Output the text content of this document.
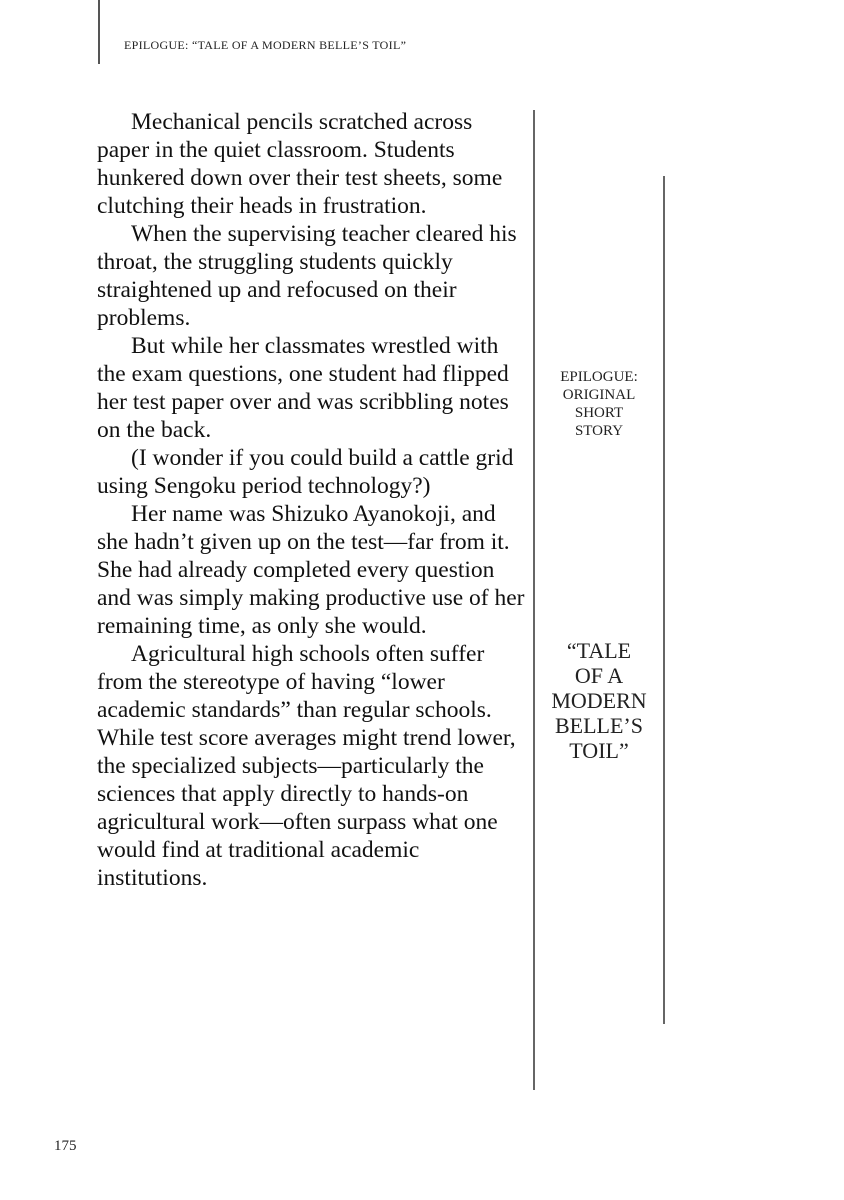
EPILOGUE: “TALE OF A MODERN BELLE’S TOIL”

Mechanical pencils scratched across paper in the quiet classroom. Students hunkered down over their test sheets, some clutching their heads in frustration.

When the supervising teacher cleared his throat, the struggling students quickly straightened up and refocused on their problems.

But while her classmates wrestled with the exam questions, one student had flipped her test paper over and was scribbling notes on the back.

(I wonder if you could build a cattle grid using Sengoku period technology?)

Her name was Shizuko Ayanokoji, and she hadn’t given up on the test—far from it. She had already completed every question and was simply making productive use of her remaining time, as only she would.

Agricultural high schools often suffer from the stereotype of having “lower academic standards” than regular schools. While test score averages might trend lower, the specialized subjects—particularly the sciences that apply directly to hands-on agricultural work—often surpass what one would find at traditional academic institutions.

EPILOGUE:
ORIGINAL
SHORT
STORY
“TALE
OF A
MODERN
BELLE’S
TOIL”
175
